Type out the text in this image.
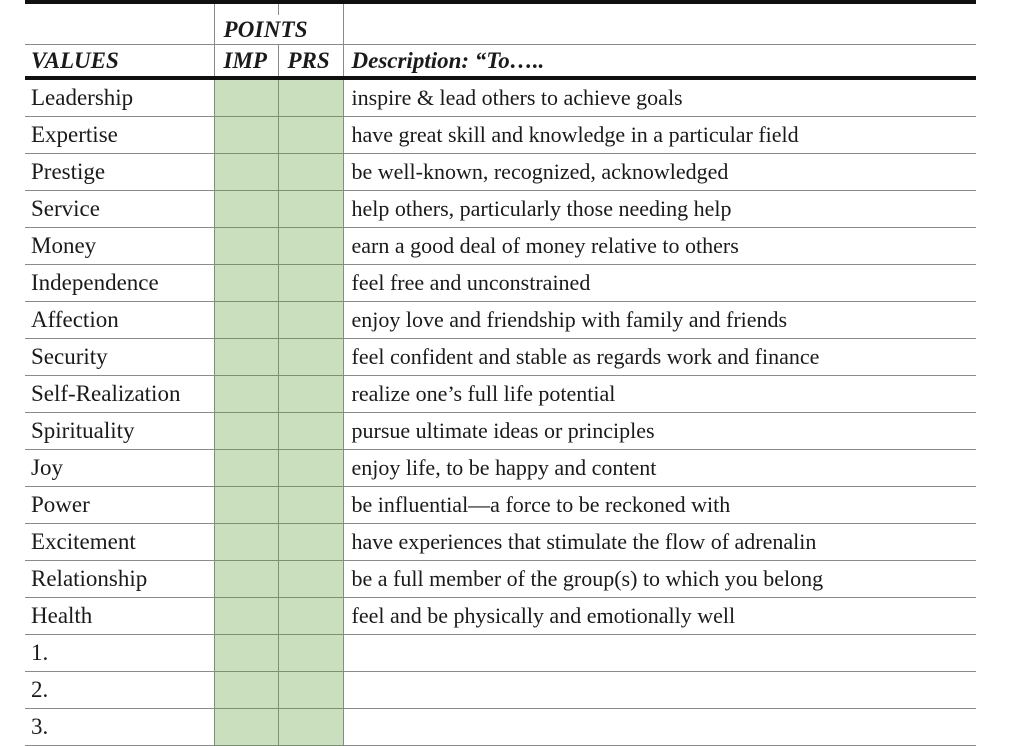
	POINTS		
VALUES	IMP	PRS	Description: “To…..

Leadership			inspire & lead others to achieve goals

Expertise			have great skill and knowledge in a particular field

Prestige			be well-known, recognized, acknowledged

Service			help others, particularly those needing help

Money			earn a good deal of money relative to others

Independence			feel free and unconstrained

Affection			enjoy love and friendship with family and friends

Security			feel confident and stable as regards work and finance

Self-Realization			realize one’s full life potential

Spirituality			pursue ultimate ideas or principles

Joy			enjoy life, to be happy and content

Power			be influential—a force to be reckoned with

Excitement			have experiences that stimulate the flow of adrenalin

Relationship			be a full member of the group(s) to which you belong

Health			feel and be physically and emotionally well

1.			

2.			

3.			
